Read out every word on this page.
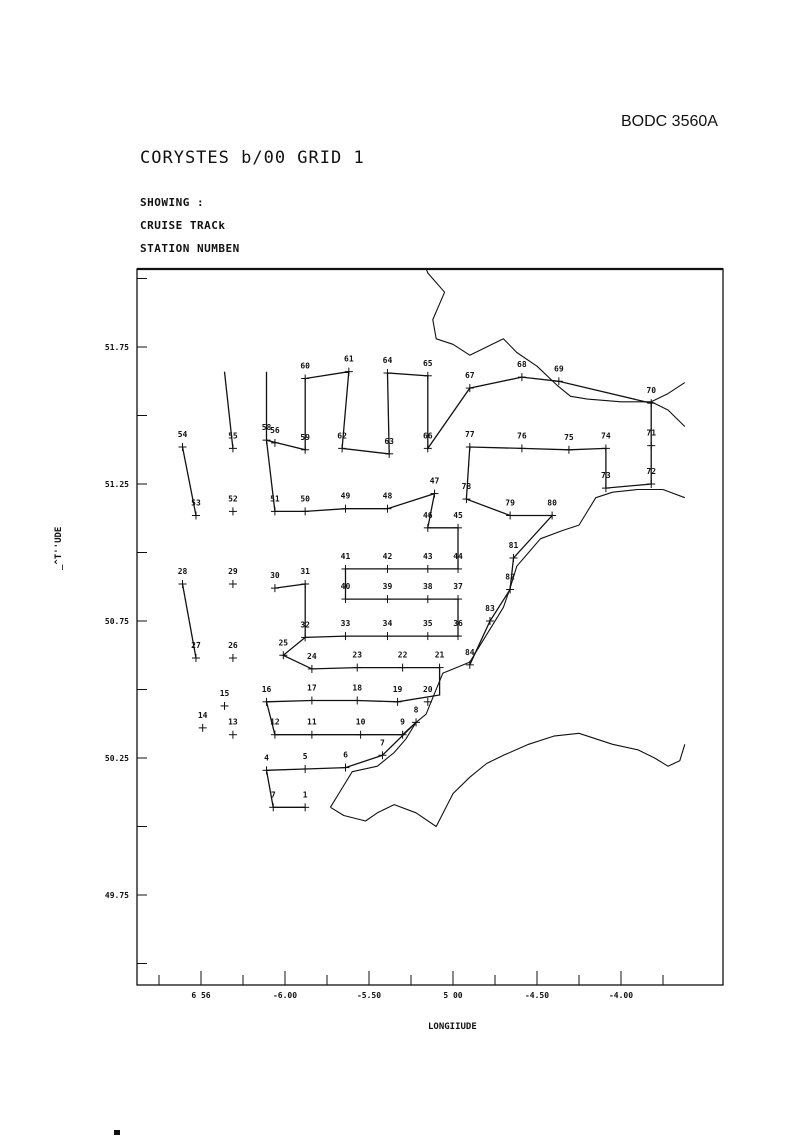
BODC 3560A
CORYSTES b/00 GRID 1
SHOWING :
CRUISE TRACk
STATION NUMBEN
6 56	-6.00	-5.50	5 00	-4.50	-4.00
51.75
51.25
50.75
50.25
49.75
1
7
4	5	6
7
8
9
10
11
12
13
14
15	16	17	18	19	20
21
22
23
24
25
26
27
28	29	30	31
32	33	34	35	36
37
38
39
40
41	42	43	44
45
46
47
48
49
50
51
52
53
54	55
56
58
59
60
61
62
63
64	65
66
67
68	69
70
71
72
73
74
75
76
77
78
79	80
81
82
83
84
_^T''UDE
LONGIIUDE
